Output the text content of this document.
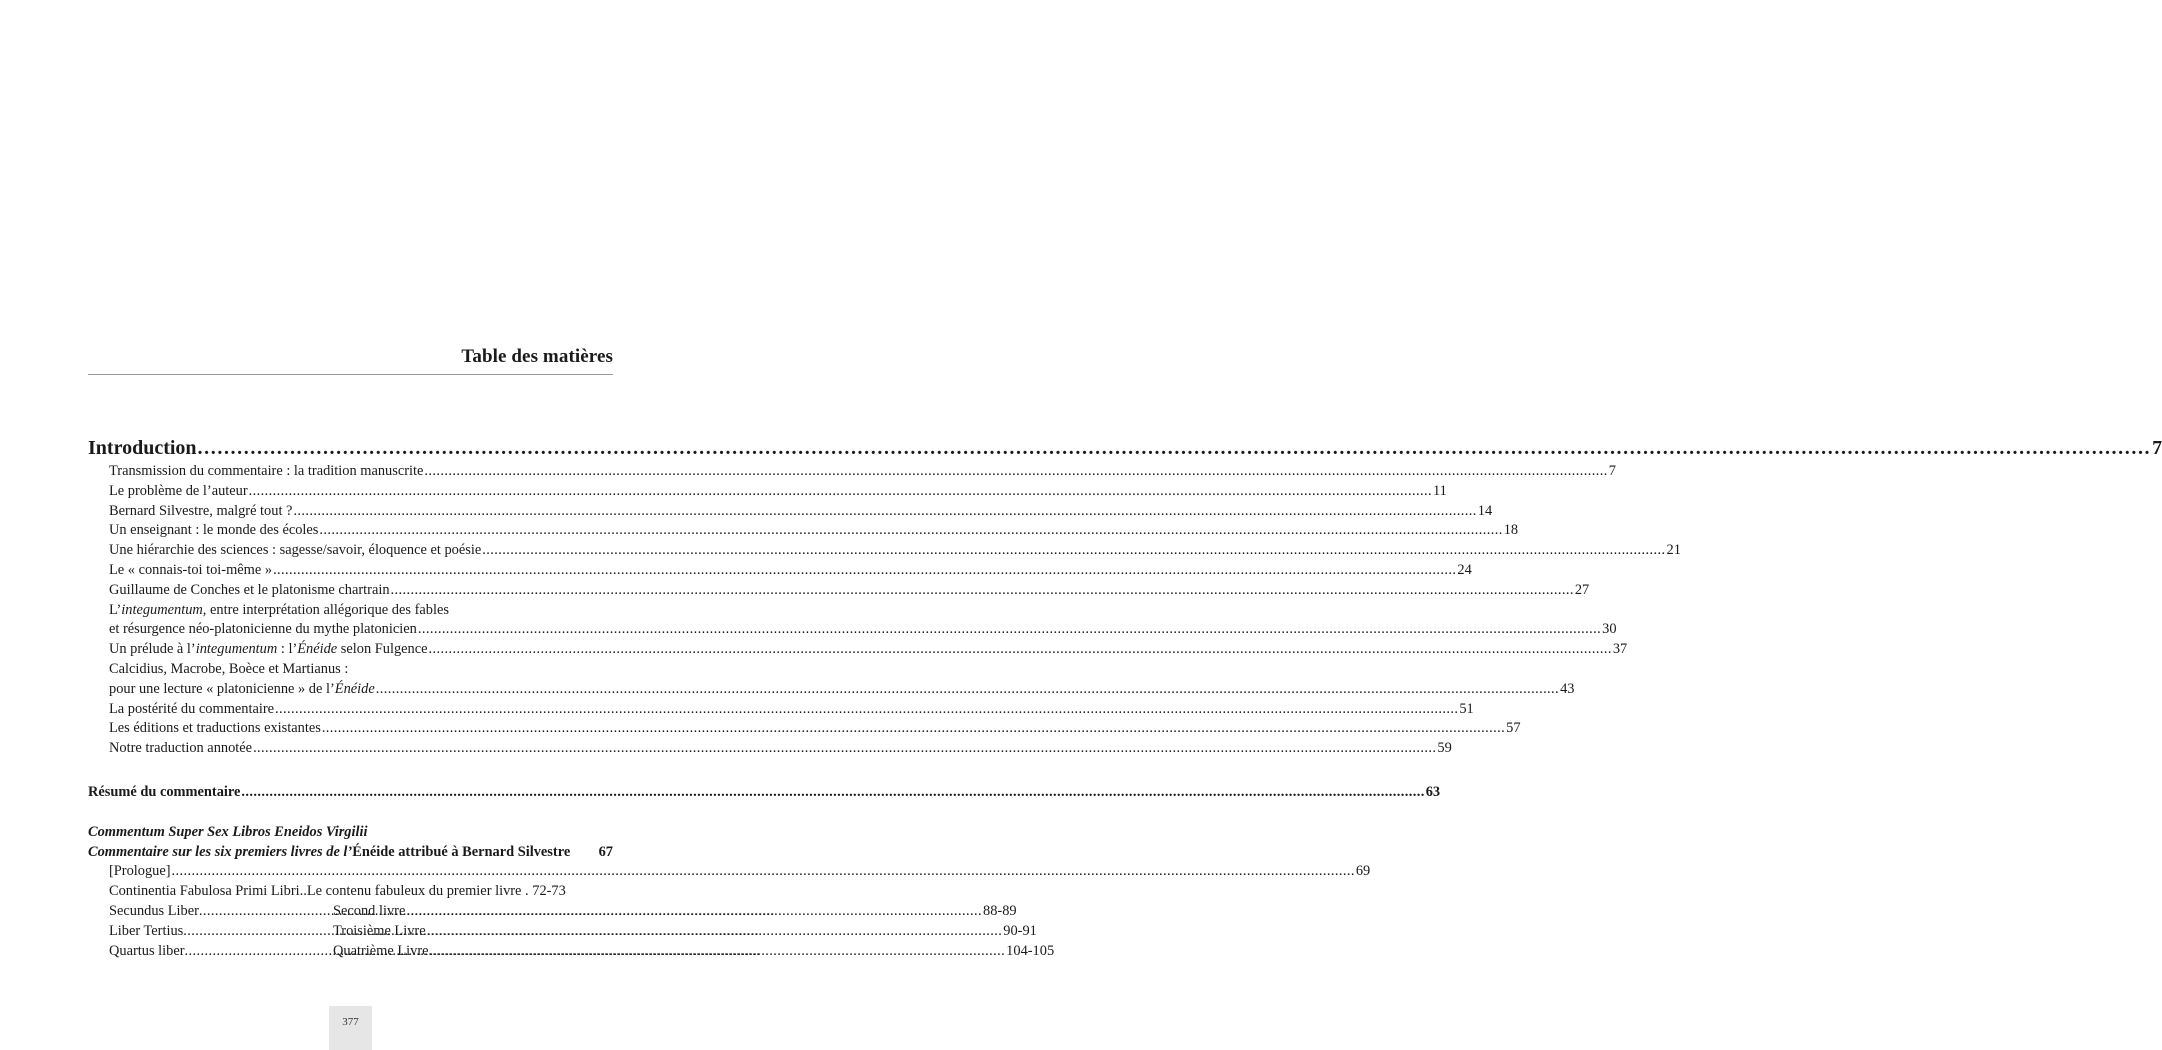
Table des matières
Introduction .....	7
Transmission du commentaire : la tradition manuscrite .....	7
Le problème de l’auteur .....	11
Bernard Silvestre, malgré tout ? .....	14
Un enseignant : le monde des écoles .....	18
Une hiérarchie des sciences : sagesse/savoir, éloquence et poésie .....	21
Le « connais-toi toi-même » .....	24
Guillaume de Conches et le platonisme chartrain .....	27
L’integumentum, entre interprétation allégorique des fables
et résurgence néo-platonicienne du mythe platonicien .....	30
Un prélude à l’integumentum : l’Énéide selon Fulgence .....	37
Calcidius, Macrobe, Boèce et Martianus :
pour une lecture « platonicienne » de l’Énéide .....	43
La postérité du commentaire .....	51
Les éditions et traductions existantes .....	57
Notre traduction annotée .....	59
Résumé du commentaire .....	63
Commentum Super Sex Libros Eneidos Virgilii
Commentaire sur les six premiers livres de l’ Énéide attribué à Bernard Silvestre 67
[Prologue] .....	69
Continentia Fabulosa Primi Libri .. Le contenu fabuleux du premier livre . 72-73
Secundus Liber .....	Second livre .....	88-89
Liber Tertius .....	Troisième Livre .....	90-91
Quartus liber .....	Quatrième Livre .....	104-105
377
